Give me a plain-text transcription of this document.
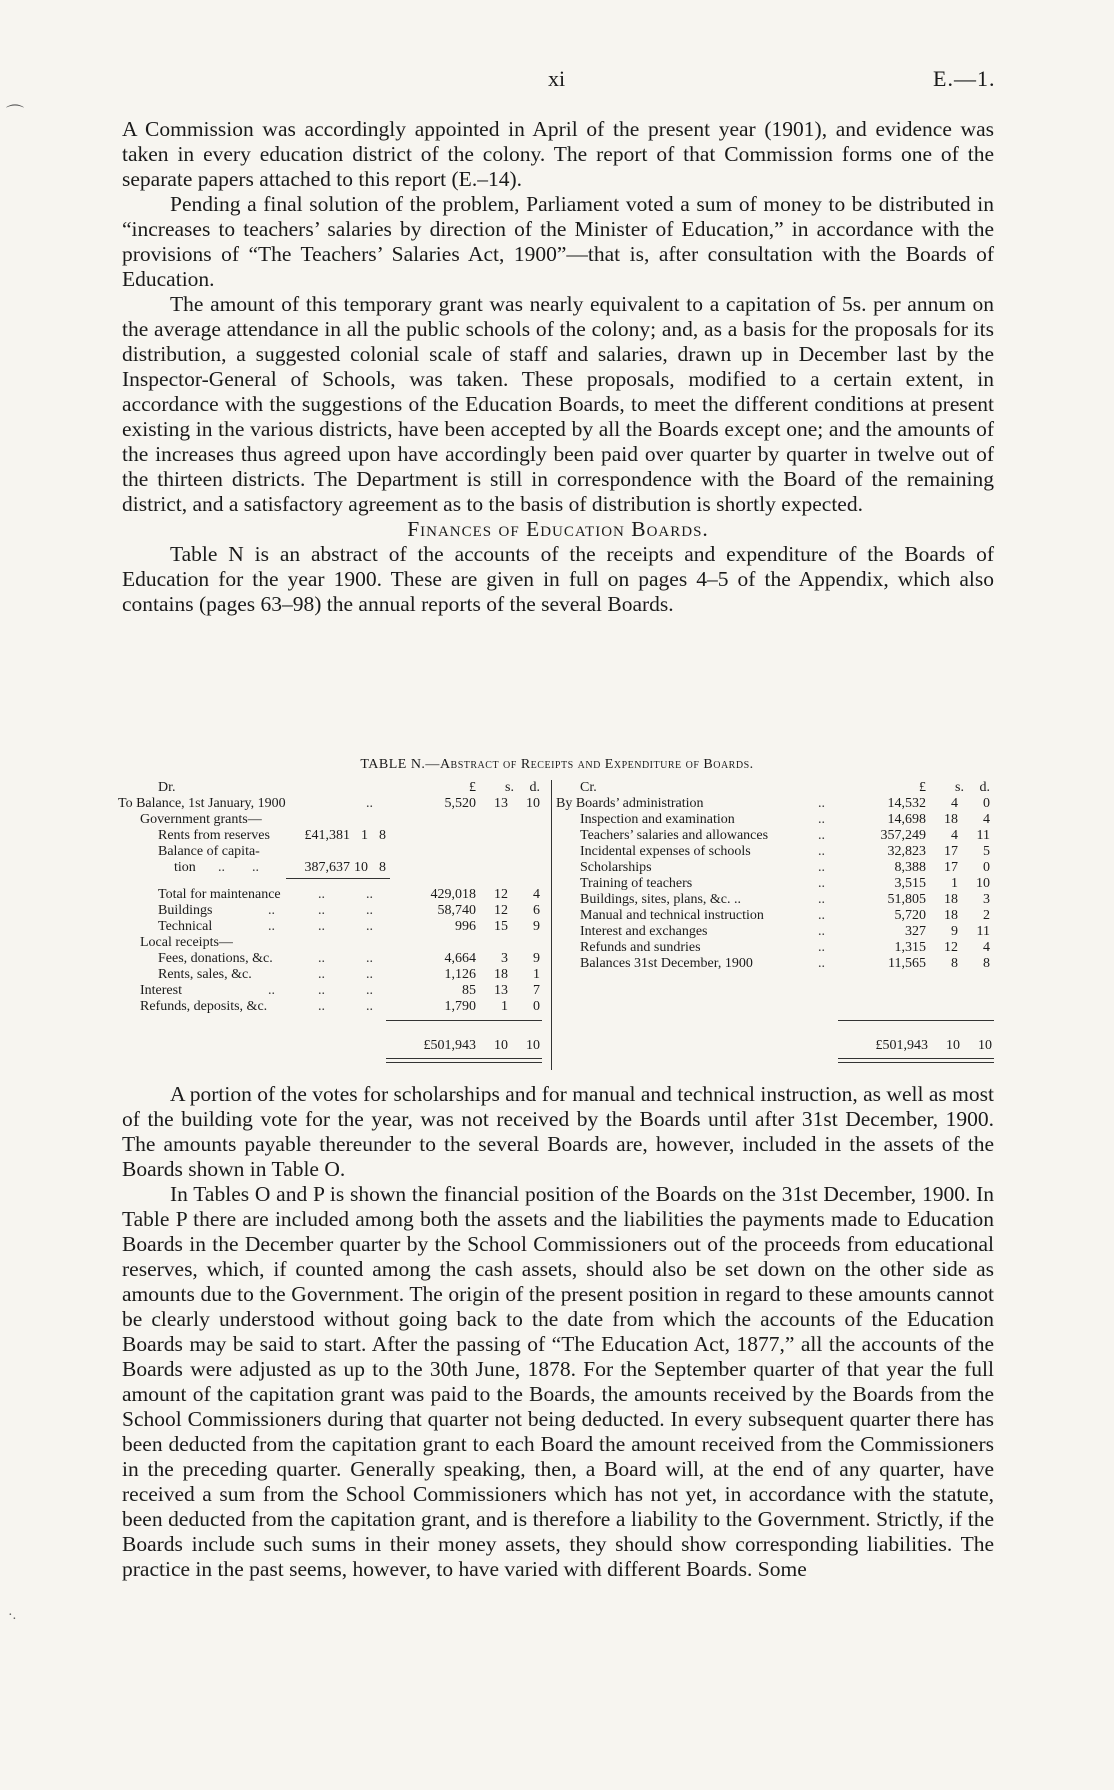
⌒
xi	E.—1.

A Commission was accordingly appointed in April of the present year (1901), and evidence was taken in every education district of the colony. The report of that Commission forms one of the separate papers attached to this report (E.–14).

Pending a final solution of the problem, Parliament voted a sum of money to be distributed in “increases to teachers’ salaries by direction of the Minister of Education,” in accordance with the provisions of “The Teachers’ Salaries Act, 1900”—that is, after consultation with the Boards of Education.

The amount of this temporary grant was nearly equivalent to a capitation of 5s. per annum on the average attendance in all the public schools of the colony; and, as a basis for the proposals for its distribution, a suggested colonial scale of staff and salaries, drawn up in December last by the Inspector-General of Schools, was taken. These proposals, modified to a certain extent, in accordance with the suggestions of the Education Boards, to meet the different conditions at present existing in the various districts, have been accepted by all the Boards except one; and the amounts of the increases thus agreed upon have accordingly been paid over quarter by quarter in twelve out of the thirteen districts. The Department is still in correspondence with the Board of the remaining district, and a satisfactory agreement as to the basis of distribution is shortly expected.

Finances of Education Boards.

Table N is an abstract of the accounts of the receipts and expenditure of the Boards of Education for the year 1900. These are given in full on pages 4–5 of the Appendix, which also contains (pages 63–98) the annual reports of the several Boards.

TABLE N.—Abstract of Receipts and Expenditure of Boards.
Dr.	£	s.	d.
To Balance, 1st January, 1900	..	5,520	13	10
Government grants—
Rents from reserves	£41,381 1 8
Balance of capita-
tion .. ..	387,637 10 8
Total for maintenance	..	..	429,018	12	4
Buildings	..	..	..	58,740	12	6
Technical	..	..	..	996	15	9
Local receipts—
Fees, donations, &c.	..	..	4,664	3	9
Rents, sales, &c.	..	..	1,126	18	1
Interest	..	..	..	85	13	7
Refunds, deposits, &c.	..	..	1,790	1	0
£501,943	10	10
Cr.	£	s.	d.
By Boards’ administration	..	14,532	4	0
Inspection and examination	..	14,698	18	4
Teachers’ salaries and allowances	..	357,249	4	11
Incidental expenses of schools	..	32,823	17	5
Scholarships	..	8,388	17	0
Training of teachers	..	3,515	1	10
Buildings, sites, plans, &c. ..	..	51,805	18	3
Manual and technical instruction	..	5,720	18	2
Interest and exchanges	..	327	9	11
Refunds and sundries	..	1,315	12	4
Balances 31st December, 1900	..	11,565	8	8
£501,943	10	10

A portion of the votes for scholarships and for manual and technical instruction, as well as most of the building vote for the year, was not received by the Boards until after 31st December, 1900. The amounts payable thereunder to the several Boards are, however, included in the assets of the Boards shown in Table O.

In Tables O and P is shown the financial position of the Boards on the 31st December, 1900. In Table P there are included among both the assets and the liabilities the payments made to Education Boards in the December quarter by the School Commissioners out of the proceeds from educational reserves, which, if counted among the cash assets, should also be set down on the other side as amounts due to the Government. The origin of the present position in regard to these amounts cannot be clearly understood without going back to the date from which the accounts of the Education Boards may be said to start. After the passing of “The Education Act, 1877,” all the accounts of the Boards were adjusted as up to the 30th June, 1878. For the September quarter of that year the full amount of the capitation grant was paid to the Boards, the amounts received by the Boards from the School Commissioners during that quarter not being deducted. In every subsequent quarter there has been deducted from the capitation grant to each Board the amount received from the Commissioners in the preceding quarter. Generally speaking, then, a Board will, at the end of any quarter, have received a sum from the School Commissioners which has not yet, in accordance with the statute, been deducted from the capitation grant, and is therefore a liability to the Government. Strictly, if the Boards include such sums in their money assets, they should show corresponding liabilities. The practice in the past seems, however, to have varied with different Boards. Some

·.
